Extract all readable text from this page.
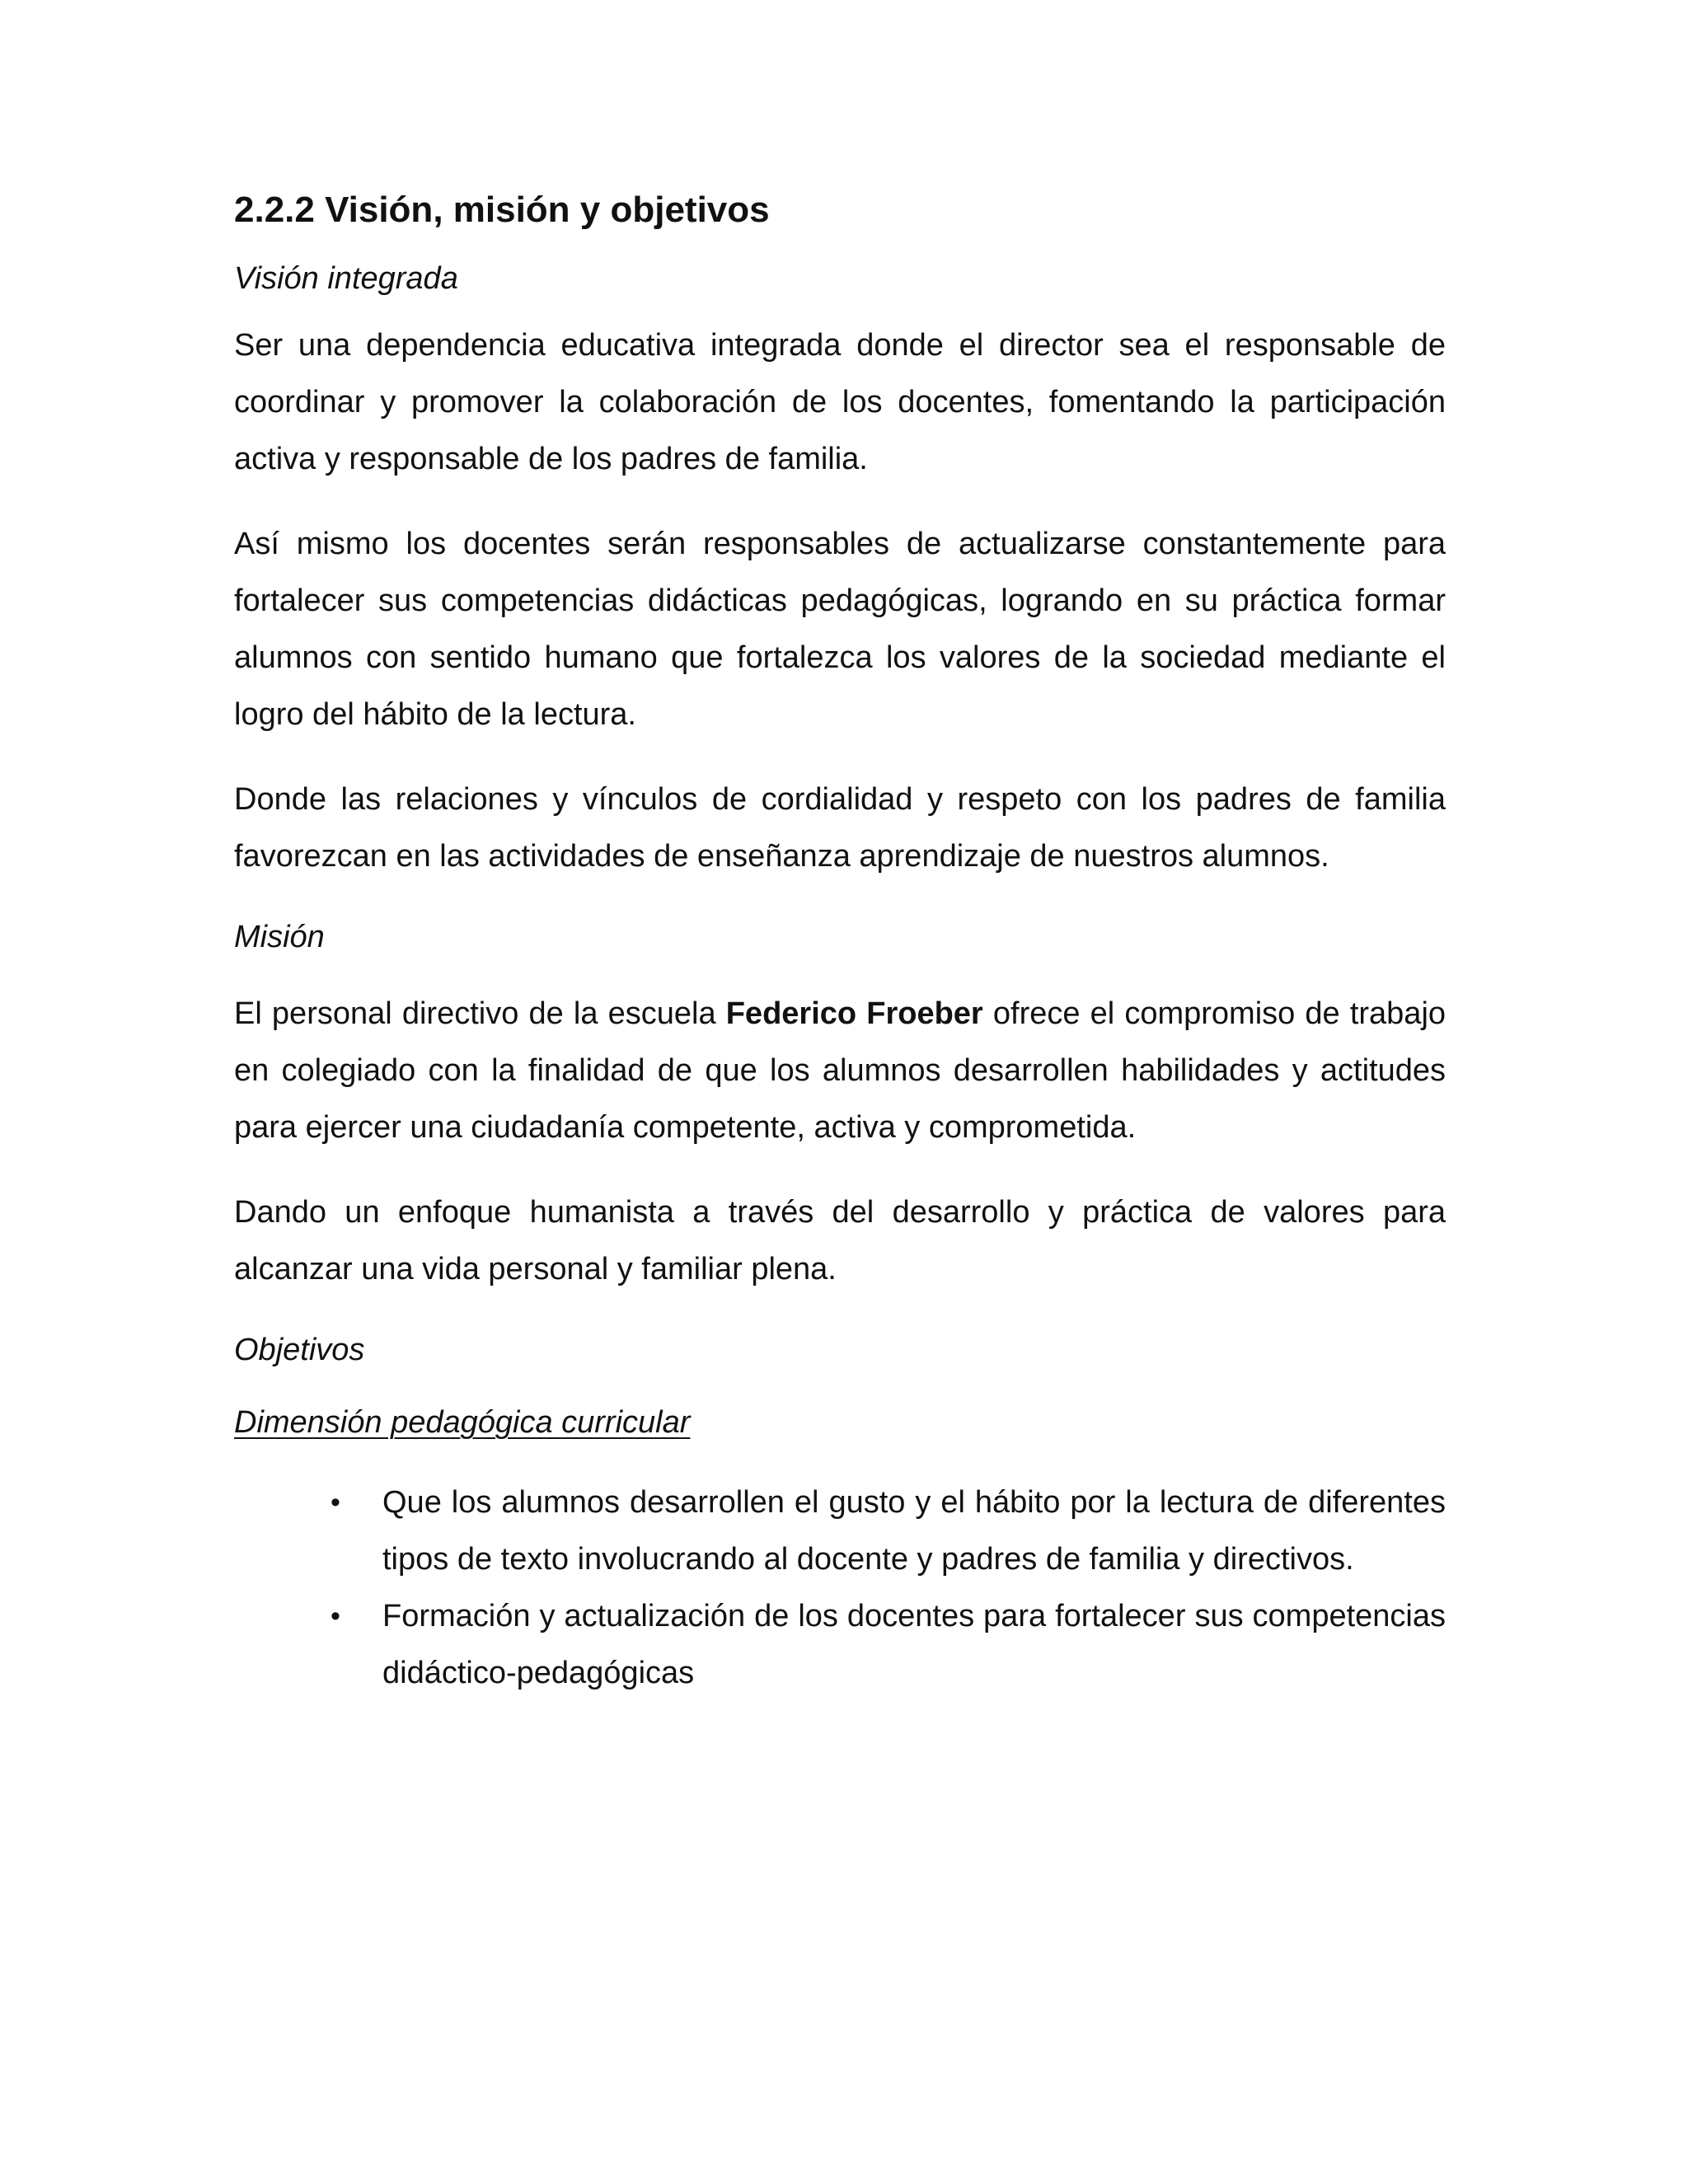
2.2.2 Visión, misión y objetivos
Visión integrada

Ser una dependencia educativa integrada donde el director sea el responsable de coordinar y promover la colaboración de los docentes, fomentando la participación activa y responsable de los padres de familia.

Así mismo los docentes serán responsables de actualizarse constantemente para fortalecer sus competencias didácticas pedagógicas, logrando en su práctica formar alumnos con sentido humano que fortalezca los valores de la sociedad mediante el logro del hábito de la lectura.

Donde las relaciones y vínculos de cordialidad y respeto con los padres de familia favorezcan en las actividades de enseñanza aprendizaje de nuestros alumnos.

Misión

El personal directivo de la escuela Federico Froeber ofrece el compromiso de trabajo en colegiado con la finalidad de que los alumnos desarrollen habilidades y actitudes para ejercer una ciudadanía competente, activa y comprometida.

Dando un enfoque humanista a través del desarrollo y práctica de valores para alcanzar una vida personal y familiar plena.

Objetivos
Dimensión pedagógica curricular
• Que los alumnos desarrollen el gusto y el hábito por la lectura de diferentes tipos de texto involucrando al docente y padres de familia y directivos.
• Formación y actualización de los docentes para fortalecer sus competencias didáctico-pedagógicas
